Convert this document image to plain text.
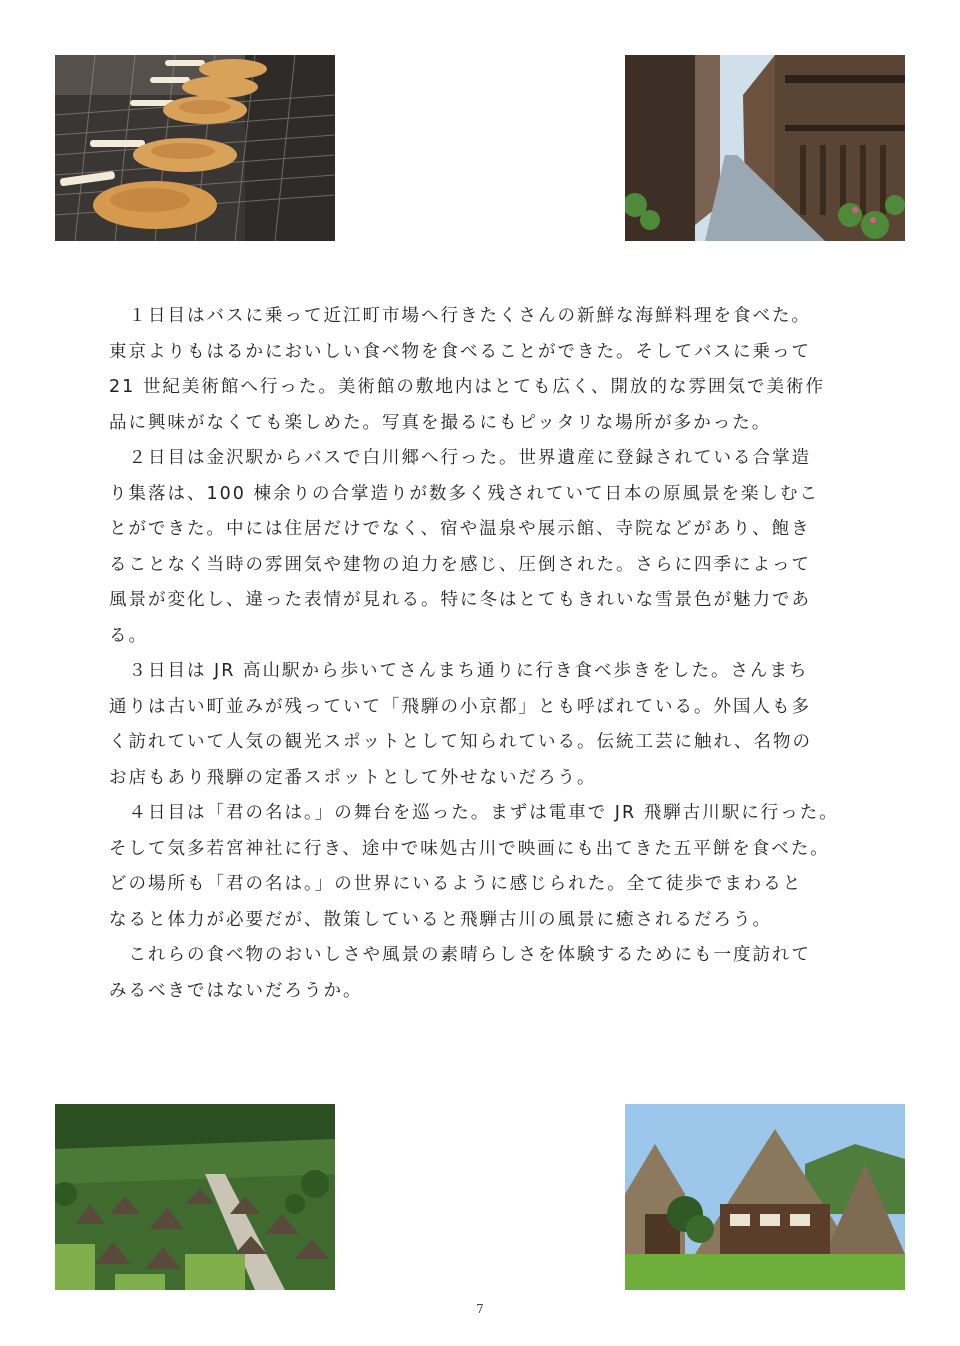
　１日目はバスに乗って近江町市場へ行きたくさんの新鮮な海鮮料理を食べた。
東京よりもはるかにおいしい食べ物を食べることができた。そしてバスに乗って
21 世紀美術館へ行った。美術館の敷地内はとても広く、開放的な雰囲気で美術作
品に興味がなくても楽しめた。写真を撮るにもピッタリな場所が多かった。
　２日目は金沢駅からバスで白川郷へ行った。世界遺産に登録されている合掌造
り集落は、100 棟余りの合掌造りが数多く残されていて日本の原風景を楽しむこ
とができた。中には住居だけでなく、宿や温泉や展示館、寺院などがあり、飽き
ることなく当時の雰囲気や建物の迫力を感じ、圧倒された。さらに四季によって
風景が変化し、違った表情が見れる。特に冬はとてもきれいな雪景色が魅力であ
る。
　３日目は JR 高山駅から歩いてさんまち通りに行き食べ歩きをした。さんまち
通りは古い町並みが残っていて「飛騨の小京都」とも呼ばれている。外国人も多
く訪れていて人気の観光スポットとして知られている。伝統工芸に触れ、名物の
お店もあり飛騨の定番スポットとして外せないだろう。
　４日目は「君の名は。」の舞台を巡った。まずは電車で JR 飛騨古川駅に行った。
そして気多若宮神社に行き、途中で味処古川で映画にも出てきた五平餅を食べた。
どの場所も「君の名は。」の世界にいるように感じられた。全て徒歩でまわると
なると体力が必要だが、散策していると飛騨古川の風景に癒されるだろう。
　これらの食べ物のおいしさや風景の素晴らしさを体験するためにも一度訪れて
みるべきではないだろうか。

7
